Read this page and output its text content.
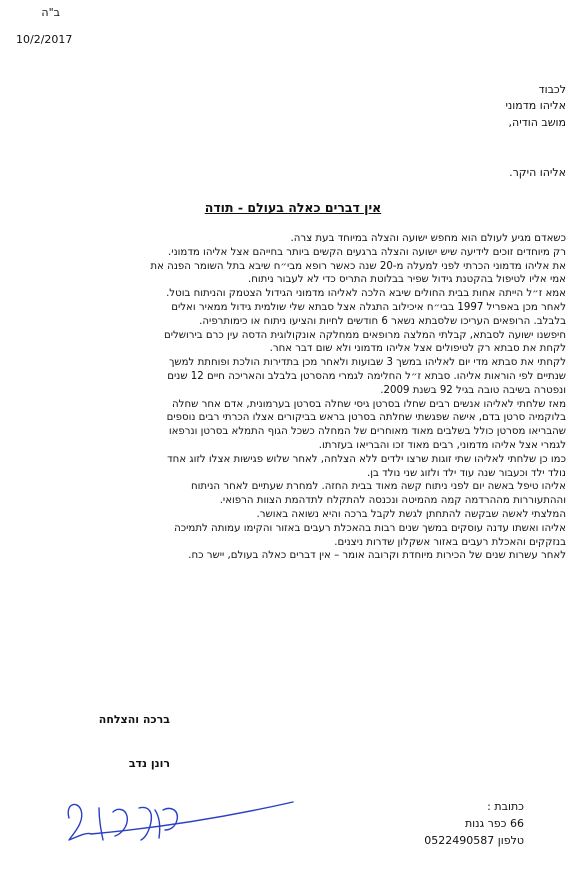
ב"ה
10/2/2017
לכבוד
אליהו מדמוני
מושב הודיה,
אליהו היקר.
אין דברים כאלה בעולם - תודה
כשאדם מגיע לעולם הוא מחפש ישועה והצלה במיוחד בעת צרה.
רק מיוחדים זוכים לידיעה שיש ישועה והצלה ברגעים הקשים ביותר בחייהם אצל אליהו מדמוני.
את אליהו מדמוני הכרתי לפני למעלה מ-20 שנה כאשר רופא מבי״ח שיבא בתל השומר הפנה את
אמי אליו לטיפול בהקטנת גידול שפיר בבלוטת התריס כדי לא לעבור ניתוח.
אמא ז״ל הייתה אחות בבית החולים שיבא הלכה לאליהו מדמוני הגידול הצטמק והניתוח בוטל.
לאחר מכן באפריל 1997 בבי״ח איכילוב התגלה אצל סבתא שלי שולמית גידול ממאיר ואלים
בלבלב. הרופאים העריכו שלסבתא נשאר 6 חודשים לחיות והציעו ניתוח או כימותרפיה.
חיפשנו ישועה לסבתא, קבלתי המלצה מרופאים ממחלקה אונקולוגית הדסה עין כרם בירושלים
לקחת את סבתא רק לטיפולים אצל אליהו מדמוני ולא שום דבר אחר.
לקחתי את סבתא מדי יום לאליהו במשך 3 שבועות ולאחר מכן בתדירות הולכת ופוחתת למשך
שנתיים לפי הוראות אליהו. סבתא ז״ל החלימה לגמרי מהסרטן בלבלב והאריכה חיים 12 שנים
ונפטרה בשיבה טובה בגיל 92 בשנת 2009.
מאז שלחתי לאליהו אנשים רבים שחלו בסרטן גיסי שחלה בסרטן בערמונית, אדם אחר שחלה
בלוקמיה סרטן בדם, אישה שפגשתי שחלתה בסרטן בראש בביקורים אצלו הכרתי רבים נוספים
שהבריאו מסרטן כולל בשלבים מאוד מאוחרים של המחלה כשכל הגוף התמלא בסרטן ונרפאו
לגמרי אצל אליהו מדמוני, רבים מאוד זכו והבריאו בעזרתו.
כמו כן שלחתי לאליהו שתי זוגות שרצו ילדים ללא הצלחה, לאחר שלוש פגישות אצלו לזוג אחד
נולד ילד וכעבור שנה עוד ילד ולזוג שני נולד בן.
אליהו טיפל באשה יום לפני ניתוח קשה מאוד בבית החזה. למחרת שעתיים לאחר הניתוח
וההתעוררות מההרדמה קמה מהמיטה ונכנסה להתקלח לתדהמת הצוות הרפואי.
המלצתי לאשה שבקשה להתחתן לגשת לקבל ברכה והיא נשואה באושר.
אליהו ואשתו עדנה עוסקים במשך שנים רבות בהאכלת רעבים באזור והקימו עמותה לתמיכה
בנזקקים והאכלת רעבים באזור אשקלון שדרות ניצנים.
לאחר עשרות שנים של הכירות מיוחדת וקרובה אומר – אין דברים כאלה בעולם, יישר כח.
ברכה והצלחה
רונן נדב
כתובת :
66 כפר גנות
טלפון 0522490587
